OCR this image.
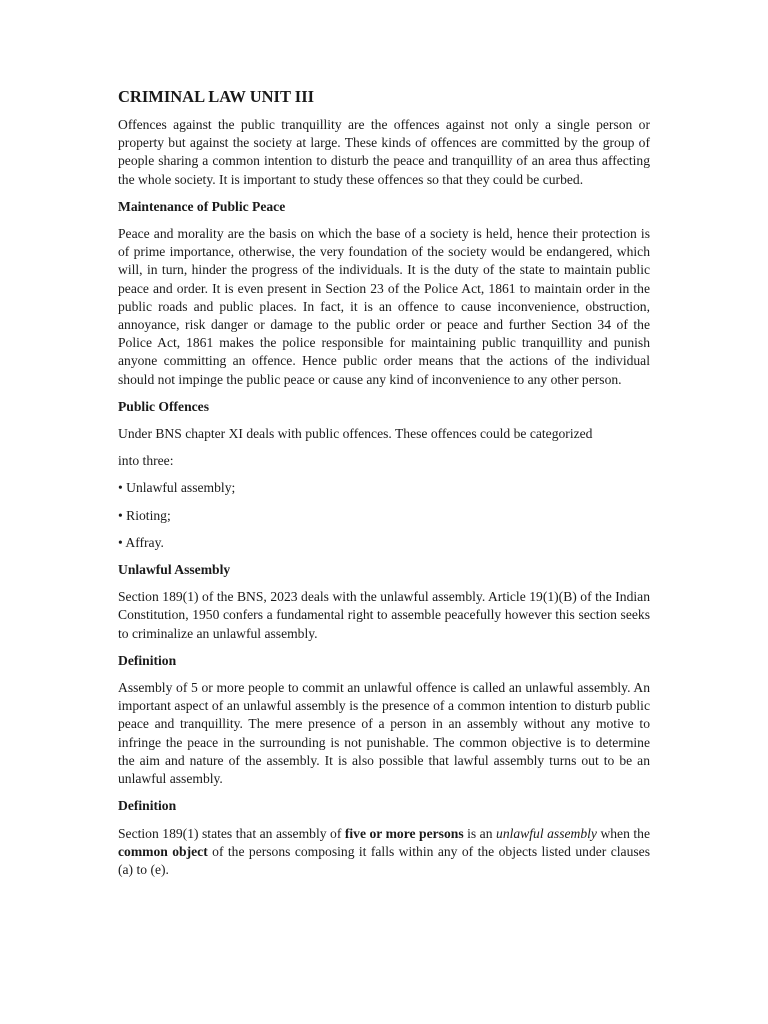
CRIMINAL LAW UNIT III
Offences against the public tranquillity are the offences against not only a single person or property but against the society at large. These kinds of offences are committed by the group of people sharing a common intention to disturb the peace and tranquillity of an area thus affecting the whole society. It is important to study these offences so that they could be curbed.
Maintenance of Public Peace
Peace and morality are the basis on which the base of a society is held, hence their protection is of prime importance, otherwise, the very foundation of the society would be endangered, which will, in turn, hinder the progress of the individuals. It is the duty of the state to maintain public peace and order. It is even present in Section 23 of the Police Act, 1861 to maintain order in the public roads and public places. In fact, it is an offence to cause inconvenience, obstruction, annoyance, risk danger or damage to the public order or peace and further Section 34 of the Police Act, 1861 makes the police responsible for maintaining public tranquillity and punish anyone committing an offence. Hence public order means that the actions of the individual should not impinge the public peace or cause any kind of inconvenience to any other person.
Public Offences
Under BNS chapter XI deals with public offences. These offences could be categorized
into three:
• Unlawful assembly;
• Rioting;
• Affray.
Unlawful Assembly
Section 189(1) of the BNS, 2023 deals with the unlawful assembly. Article 19(1)(B) of the Indian Constitution, 1950 confers a fundamental right to assemble peacefully however this section seeks to criminalize an unlawful assembly.
Definition
Assembly of 5 or more people to commit an unlawful offence is called an unlawful assembly. An important aspect of an unlawful assembly is the presence of a common intention to disturb public peace and tranquillity. The mere presence of a person in an assembly without any motive to infringe the peace in the surrounding is not punishable. The common objective is to determine the aim and nature of the assembly. It is also possible that lawful assembly turns out to be an unlawful assembly.
Definition
Section 189(1) states that an assembly of five or more persons is an unlawful assembly when the common object of the persons composing it falls within any of the objects listed under clauses (a) to (e).
